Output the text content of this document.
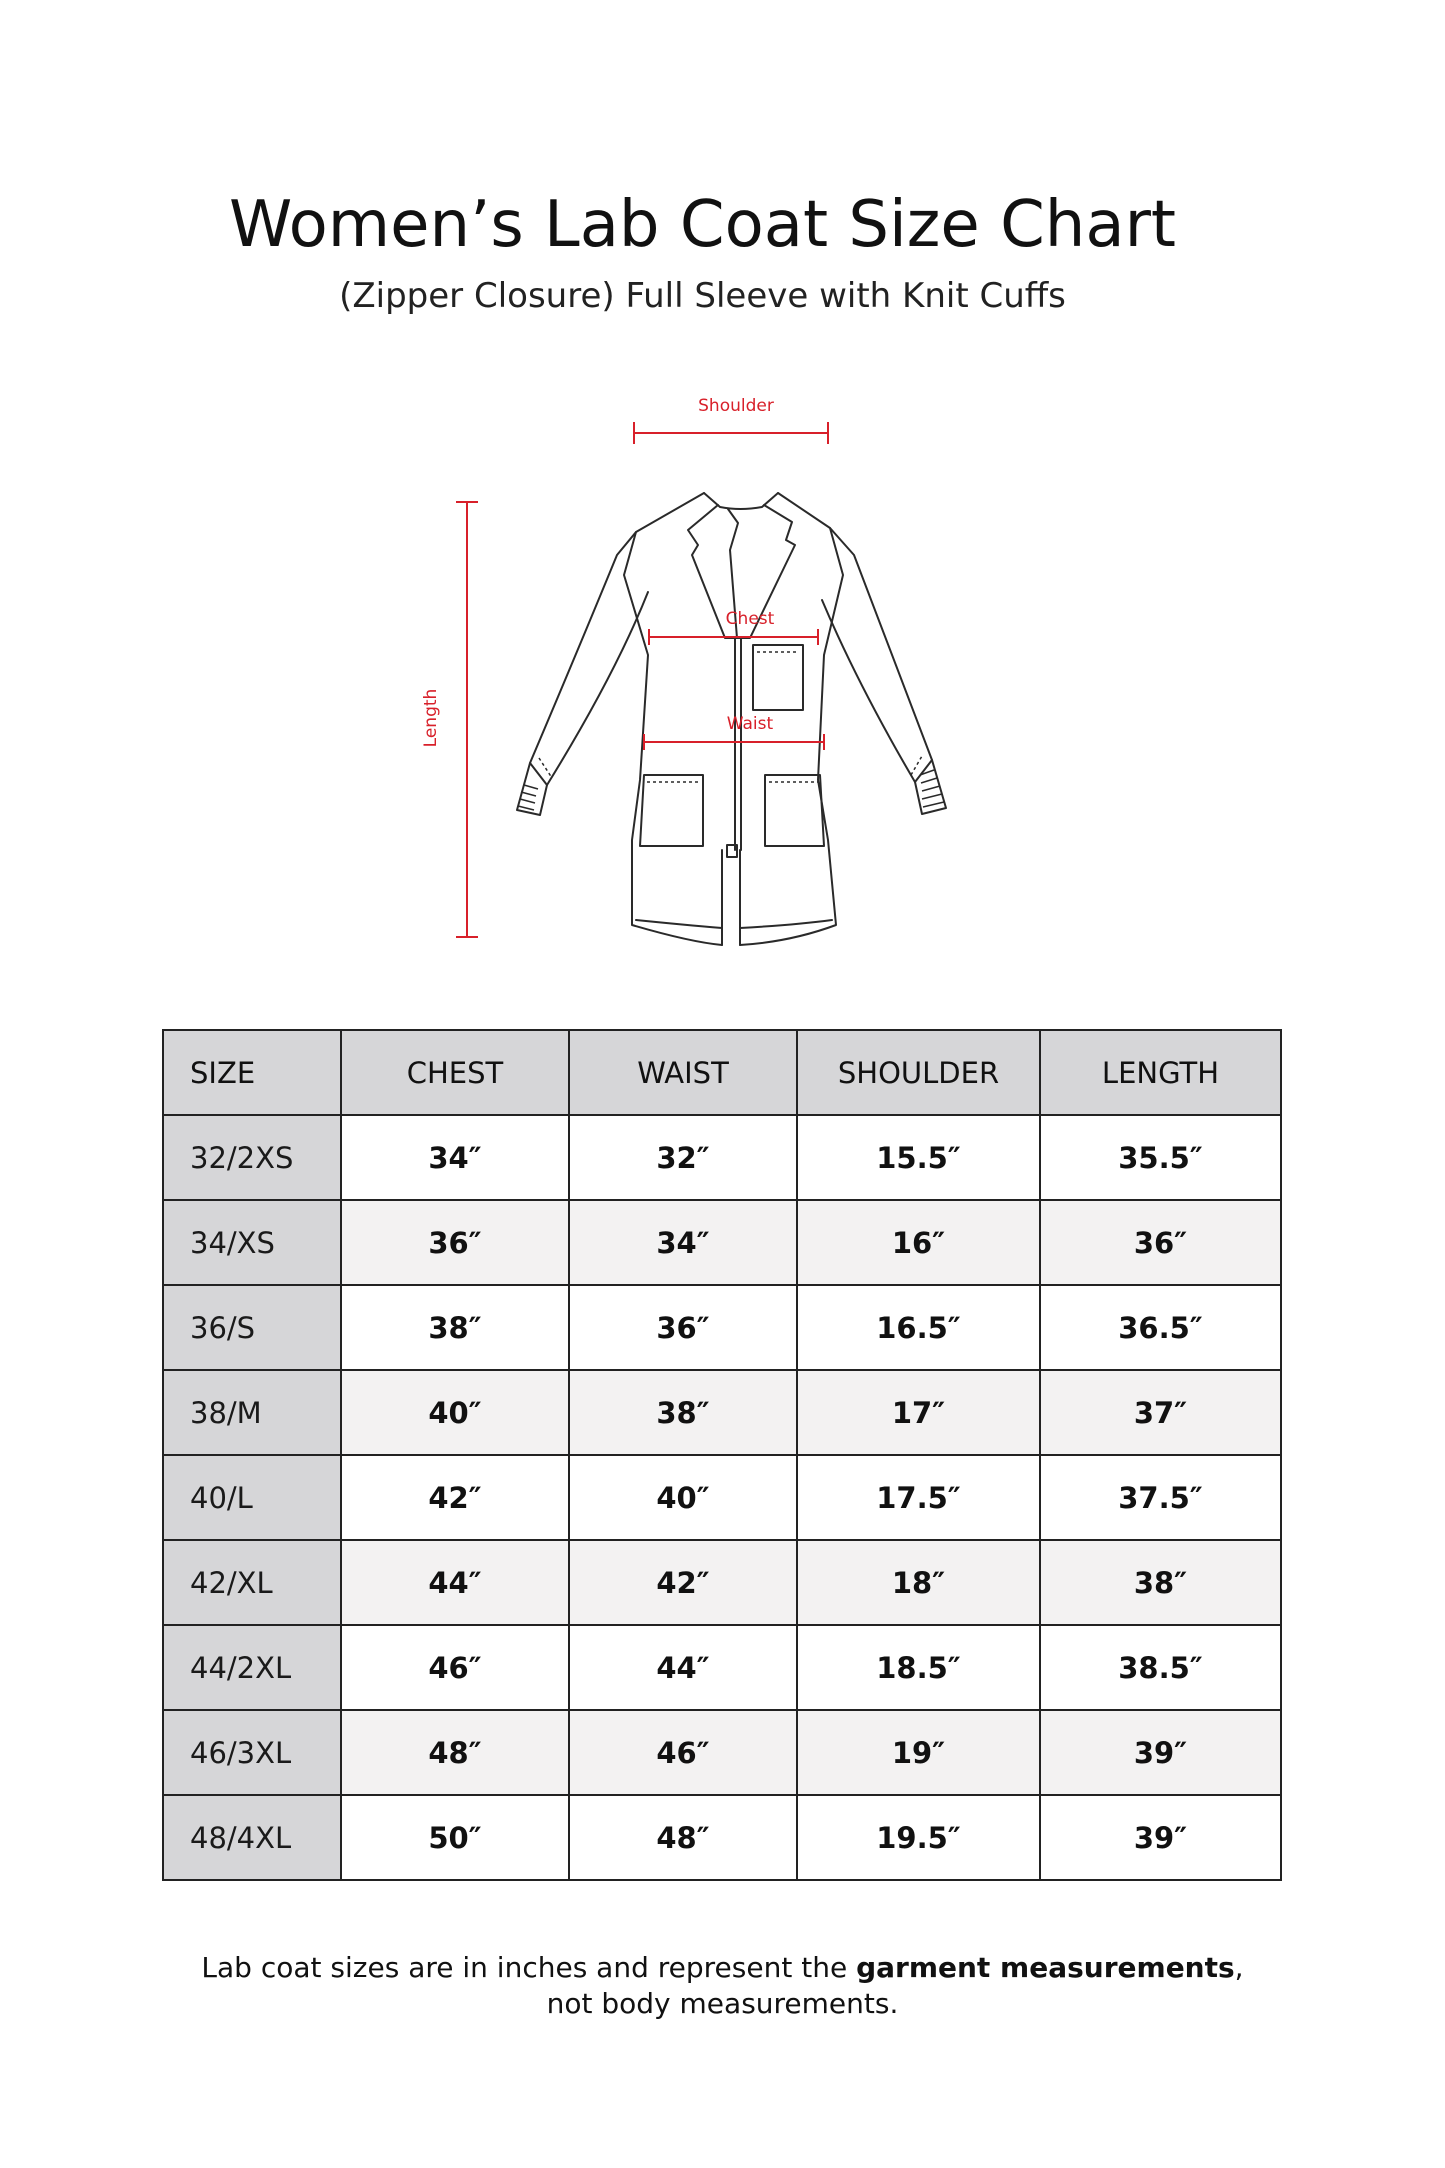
Women’s Lab Coat Size Chart
(Zipper Closure) Full Sleeve with Knit Cuffs
Shoulder
Length
Chest
Waist
SIZE	CHEST	WAIST	SHOULDER	LENGTH
32/2XS	34″	32″	15.5″	35.5″
34/XS	36″	34″	16″	36″
36/S	38″	36″	16.5″	36.5″
38/M	40″	38″	17″	37″
40/L	42″	40″	17.5″	37.5″
42/XL	44″	42″	18″	38″
44/2XL	46″	44″	18.5″	38.5″
46/3XL	48″	46″	19″	39″
48/4XL	50″	48″	19.5″	39″
Lab coat sizes are in inches and represent the garment measurements,
not body measurements.
